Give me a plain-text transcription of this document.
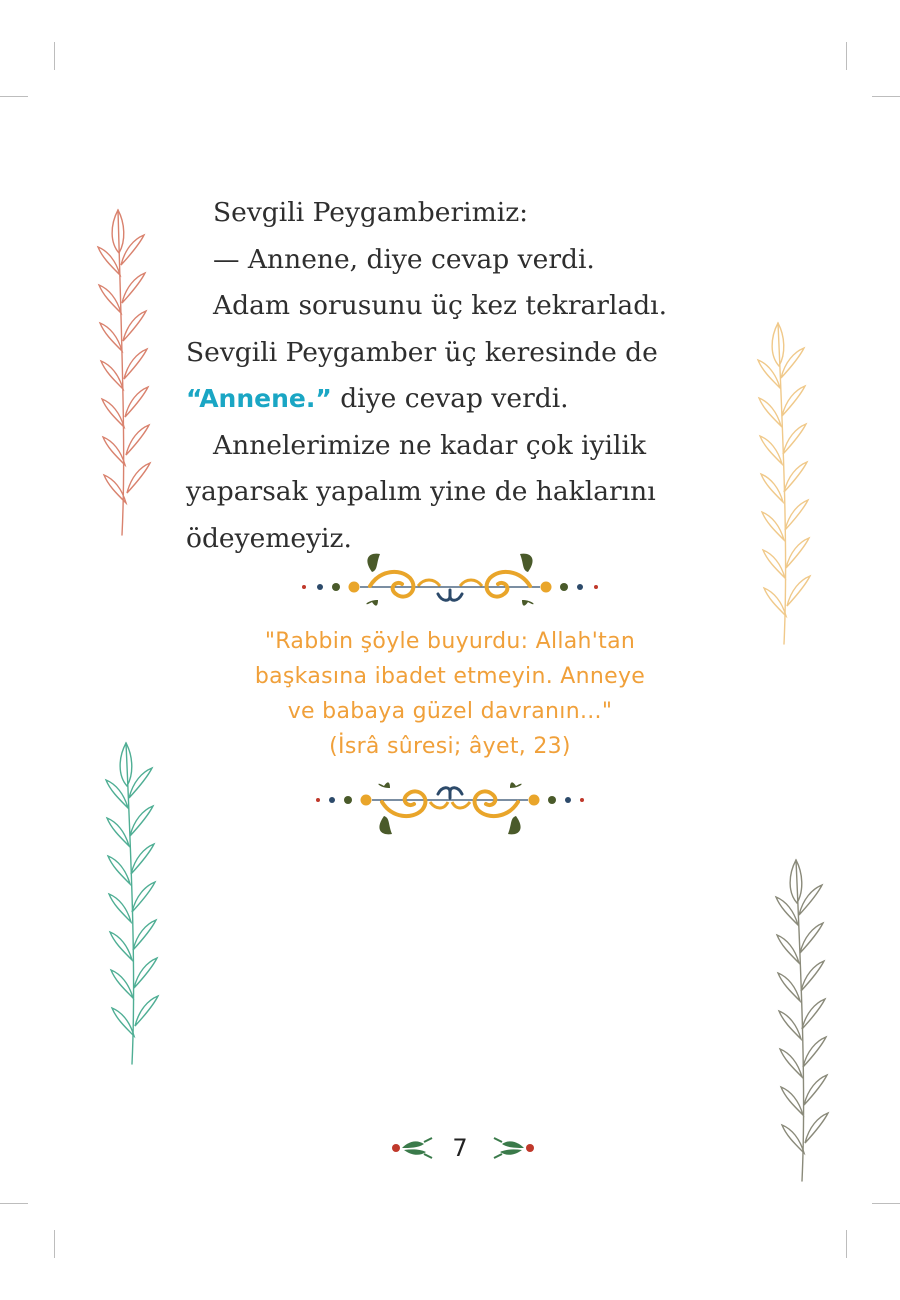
Sevgili Peygamberimiz:

— Annene, diye cevap verdi.

Adam sorusunu üç kez tekrarladı. Sevgili Peygamber üç keresinde de “Annene.” diye cevap verdi.

Annelerimize ne kadar çok iyilik yaparsak yapalım yine de haklarını ödeyemeyiz.

"Rabbin şöyle buyurdu: Allah'tan
başkasına ibadet etmeyin. Anneye
ve babaya güzel davranın..."
(İsrâ sûresi; âyet, 23)
7
